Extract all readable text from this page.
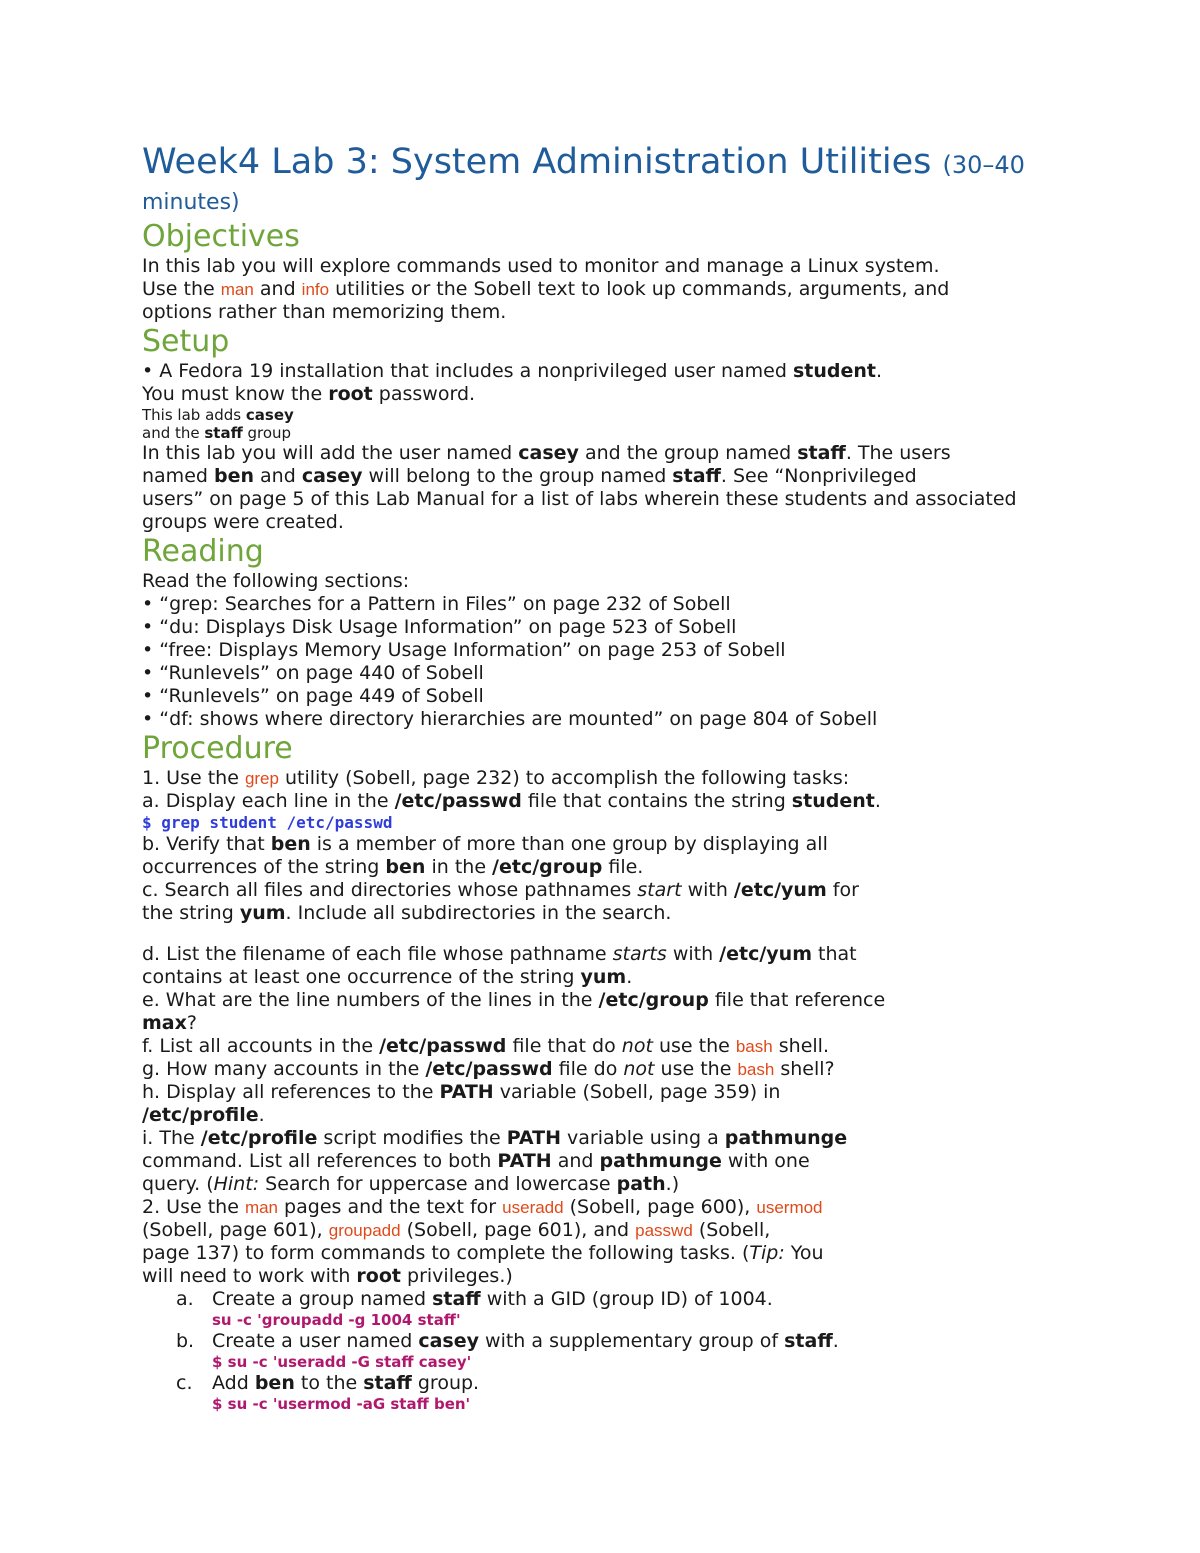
Week4 Lab 3: System Administration Utilities (30–40
minutes)
Objectives

In this lab you will explore commands used to monitor and manage a Linux system.

Use the man and info utilities or the Sobell text to look up commands, arguments, and

options rather than memorizing them.

Setup

• A Fedora 19 installation that includes a nonprivileged user named student.

You must know the root password.

This lab adds casey

and the staff group

In this lab you will add the user named casey and the group named staff. The users

named ben and casey will belong to the group named staff. See “Nonprivileged

users” on page 5 of this Lab Manual for a list of labs wherein these students and associated

groups were created.

Reading

Read the following sections:

• “grep: Searches for a Pattern in Files” on page 232 of Sobell

• “du: Displays Disk Usage Information” on page 523 of Sobell

• “free: Displays Memory Usage Information” on page 253 of Sobell

• “Runlevels” on page 440 of Sobell

• “Runlevels” on page 449 of Sobell

• “df: shows where directory hierarchies are mounted” on page 804 of Sobell

Procedure

1. Use the grep utility (Sobell, page 232) to accomplish the following tasks:

a. Display each line in the /etc/passwd file that contains the string student.

$ grep student /etc/passwd

b. Verify that ben is a member of more than one group by displaying all

occurrences of the string ben in the /etc/group file.

c. Search all files and directories whose pathnames start with /etc/yum for

the string yum. Include all subdirectories in the search.

d. List the filename of each file whose pathname starts with /etc/yum that

contains at least one occurrence of the string yum.

e. What are the line numbers of the lines in the /etc/group file that reference

max?

f. List all accounts in the /etc/passwd file that do not use the bash shell.

g. How many accounts in the /etc/passwd file do not use the bash shell?

h. Display all references to the PATH variable (Sobell, page 359) in

/etc/profile.

i. The /etc/profile script modifies the PATH variable using a pathmunge

command. List all references to both PATH and pathmunge with one

query. (Hint: Search for uppercase and lowercase path.)

2. Use the man pages and the text for useradd (Sobell, page 600), usermod

(Sobell, page 601), groupadd (Sobell, page 601), and passwd (Sobell,

page 137) to form commands to complete the following tasks. (Tip: You

will need to work with root privileges.)

a. Create a group named staff with a GID (group ID) of 1004.

su -c 'groupadd -g 1004 staff'

b. Create a user named casey with a supplementary group of staff.

$ su -c 'useradd -G staff casey'

c.	Add ben to the staff group.

$ su -c 'usermod -aG staff ben'
